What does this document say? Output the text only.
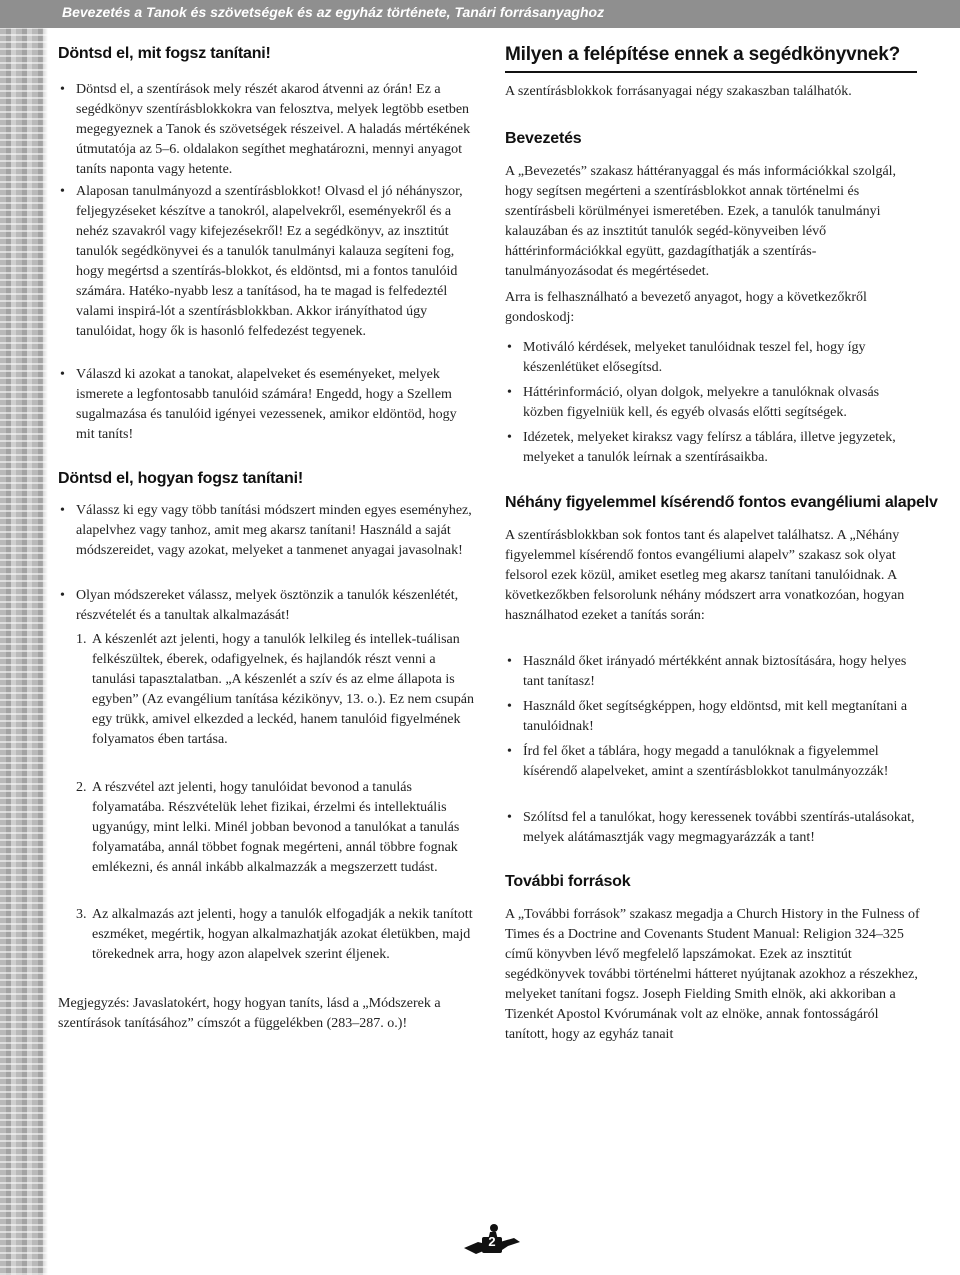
Bevezetés a Tanok és szövetségek és az egyház története, Tanári forrásanyaghoz
Döntsd el, mit fogsz tanítani!

• Döntsd el, a szentírások mely részét akarod átvenni az órán! Ez a segédkönyv szentírásblokkokra van felosztva, melyek legtöbb esetben megegyeznek a Tanok és szövetségek részeivel. A haladás mértékének útmutatója az 5–6. oldalakon segíthet meghatározni, mennyi anyagot taníts naponta vagy hetente.

• Alaposan tanulmányozd a szentírásblokkot! Olvasd el jó néhányszor, feljegyzéseket készítve a tanokról, alapelvekről, eseményekről és a nehéz szavakról vagy kifejezésekről! Ez a segédkönyv, az insztitút tanulók segédkönyvei és a tanulók tanulmányi kalauza segíteni fog, hogy megértsd a szentírás-blokkot, és eldöntsd, mi a fontos tanulóid számára. Hatéko-nyabb lesz a tanításod, ha te magad is felfedeztél valami inspirá-lót a szentírásblokkban. Akkor irányíthatod úgy tanulóidat, hogy ők is hasonló felfedezést tegyenek.

• Válaszd ki azokat a tanokat, alapelveket és eseményeket, melyek ismerete a legfontosabb tanulóid számára! Engedd, hogy a Szellem sugalmazása és tanulóid igényei vezessenek, amikor eldöntöd, hogy mit taníts!

Döntsd el, hogyan fogsz tanítani!

• Válassz ki egy vagy több tanítási módszert minden egyes eseményhez, alapelvhez vagy tanhoz, amit meg akarsz tanítani! Használd a saját módszereidet, vagy azokat, melyeket a tanmenet anyagai javasolnak!

• Olyan módszereket válassz, melyek ösztönzik a tanulók készenlétét, részvételét és a tanultak alkalmazását!

1. A készenlét azt jelenti, hogy a tanulók lelkileg és intellek-tuálisan felkészültek, éberek, odafigyelnek, és hajlandók részt venni a tanulási tapasztalatban. „A készenlét a szív és az elme állapota is egyben” (Az evangélium tanítása kézikönyv, 13. o.). Ez nem csupán egy trükk, amivel elkezded a leckéd, hanem tanulóid figyelmének folyamatos ében tartása.

2. A részvétel azt jelenti, hogy tanulóidat bevonod a tanulás folyamatába. Részvételük lehet fizikai, érzelmi és intellektuális ugyanúgy, mint lelki. Minél jobban bevonod a tanulókat a tanulás folyamatába, annál többet fognak megérteni, annál többre fognak emlékezni, és annál inkább alkalmazzák a megszerzett tudást.

3. Az alkalmazás azt jelenti, hogy a tanulók elfogadják a nekik tanított eszméket, megértik, hogyan alkalmazhatják azokat életükben, majd törekednek arra, hogy azon alapelvek szerint éljenek.

Megjegyzés: Javaslatokért, hogy hogyan taníts, lásd a „Módszerek a szentírások tanításához” címszót a függelékben (283–287. o.)!

Milyen a felépítése ennek a segédkönyvnek?

A szentírásblokkok forrásanyagai négy szakaszban találhatók.

Bevezetés

A „Bevezetés” szakasz háttéranyaggal és más információkkal szolgál, hogy segítsen megérteni a szentírásblokkot annak történelmi és szentírásbeli körülményei ismeretében. Ezek, a tanulók tanulmányi kalauzában és az insztitút tanulók segéd-könyveiben lévő háttérinformációkkal együtt, gazdagíthatják a szentírás-tanulmányozásodat és megértésedet.

Arra is felhasználható a bevezető anyagot, hogy a következőkről gondoskodj:

• Motiváló kérdések, melyeket tanulóidnak teszel fel, hogy így készenlétüket elősegítsd.

• Háttérinformáció, olyan dolgok, melyekre a tanulóknak olvasás közben figyelniük kell, és egyéb olvasás előtti segítségek.

• Idézetek, melyeket kiraksz vagy felírsz a táblára, illetve jegyzetek, melyeket a tanulók leírnak a szentírásaikba.

Néhány figyelemmel kísérendő fontos evangéliumi alapelv

A szentírásblokkban sok fontos tant és alapelvet találhatsz. A „Néhány figyelemmel kísérendő fontos evangéliumi alapelv” szakasz sok olyat felsorol ezek közül, amiket esetleg meg akarsz tanítani tanulóidnak. A következőkben felsorolunk néhány módszert arra vonatkozóan, hogyan használhatod ezeket a tanítás során:

• Használd őket irányadó mértékként annak biztosítására, hogy helyes tant tanítasz!

• Használd őket segítségképpen, hogy eldöntsd, mit kell megtanítani a tanulóidnak!

• Írd fel őket a táblára, hogy megadd a tanulóknak a figyelemmel kísérendő alapelveket, amint a szentírásblokkot tanulmányozzák!

• Szólítsd fel a tanulókat, hogy keressenek további szentírás-utalásokat, melyek alátámasztják vagy megmagyarázzák a tant!

További források

A „További források” szakasz megadja a Church History in the Fulness of Times és a Doctrine and Covenants Student Manual: Religion 324–325 című könyvben lévő megfelelő lapszámokat. Ezek az insztitút segédkönyvek további történelmi hátteret nyújtanak azokhoz a részekhez, melyeket tanítani fogsz. Joseph Fielding Smith elnök, aki akkoriban a Tizenkét Apostol Kvórumának volt az elnöke, annak fontosságáról tanított, hogy az egyház tanait

2
